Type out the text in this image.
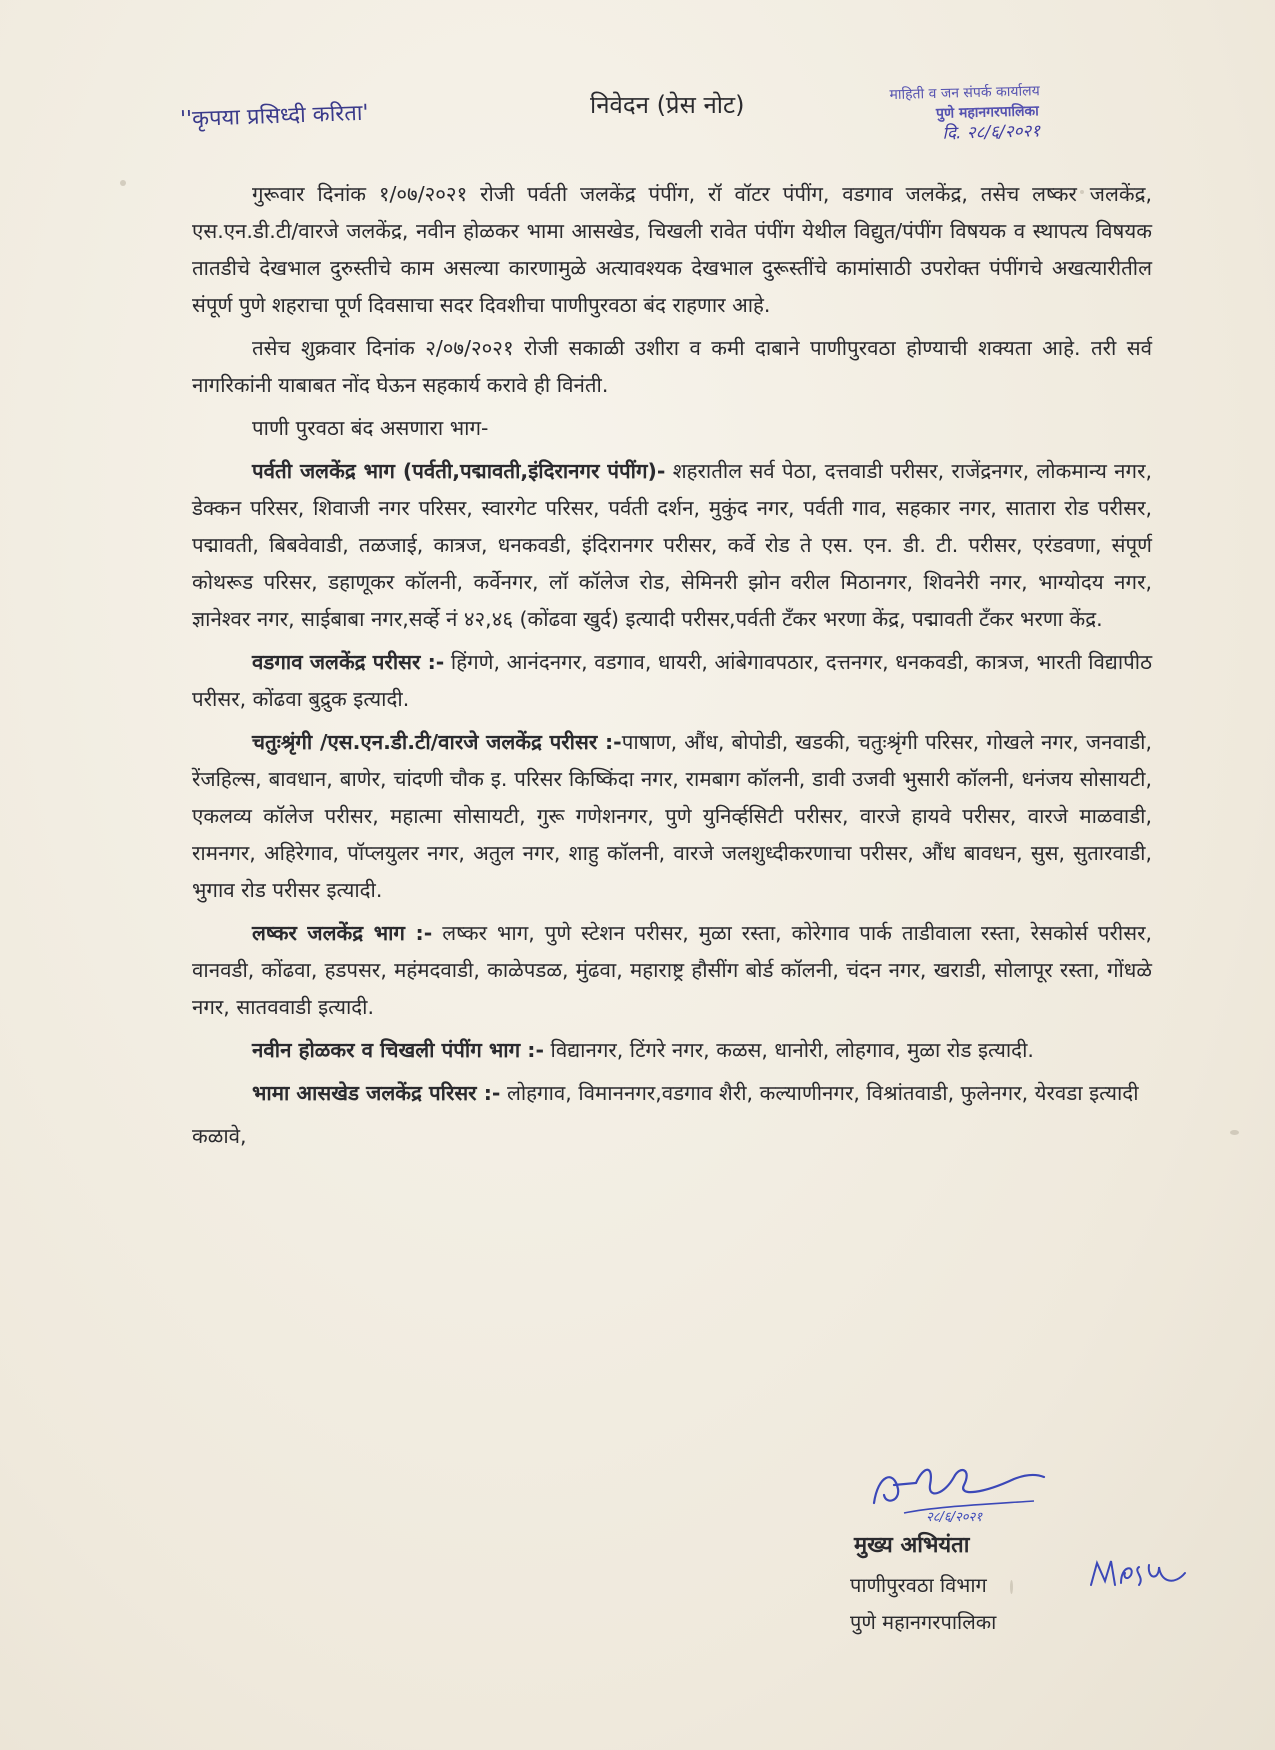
''कृपया प्रसिध्दी करिता'	निवेदन (प्रेस नोट)	माहिती व जन संपर्क कार्यालय
पुणे महानगरपालिका
दि. २८/६/२०२१

गुरूवार दिनांक १/०७/२०२१ रोजी पर्वती जलकेंद्र पंपींग, रॉ वॉटर पंपींग, वडगाव जलकेंद्र, तसेच लष्कर जलकेंद्र, एस.एन.डी.टी/वारजे जलकेंद्र, नवीन होळकर भामा आसखेड, चिखली रावेत पंपींग येथील विद्युत/पंपींग विषयक व स्थापत्य विषयक तातडीचे देखभाल दुरुस्तीचे काम असल्या कारणामुळे अत्यावश्यक देखभाल दुरूस्तींचे कामांसाठी उपरोक्त पंपींगचे अखत्यारीतील संपूर्ण पुणे शहराचा पूर्ण दिवसाचा सदर दिवशीचा पाणीपुरवठा बंद राहणार आहे.

तसेच शुक्रवार दिनांक २/०७/२०२१ रोजी सकाळी उशीरा व कमी दाबाने पाणीपुरवठा होण्याची शक्यता आहे. तरी सर्व नागरिकांनी याबाबत नोंद घेऊन सहकार्य करावे ही विनंती.

पाणी पुरवठा बंद असणारा भाग-

पर्वती जलकेंद्र भाग (पर्वती,पद्मावती,इंदिरानगर पंपींग)- शहरातील सर्व पेठा, दत्तवाडी परीसर, राजेंद्रनगर, लोकमान्य नगर, डेक्कन परिसर, शिवाजी नगर परिसर, स्वारगेट परिसर, पर्वती दर्शन, मुकुंद नगर, पर्वती गाव, सहकार नगर, सातारा रोड परीसर, पद्मावती, बिबवेवाडी, तळजाई, कात्रज, धनकवडी, इंदिरानगर परीसर, कर्वे रोड ते एस. एन. डी. टी. परीसर, एरंडवणा, संपूर्ण कोथरूड परिसर, डहाणूकर कॉलनी, कर्वेनगर, लॉ कॉलेज रोड, सेमिनरी झोन वरील मिठानगर, शिवनेरी नगर, भाग्योदय नगर, ज्ञानेश्वर नगर, साईबाबा नगर,सर्व्हे नं ४२,४६ (कोंढवा खुर्द) इत्यादी परीसर,पर्वती टँकर भरणा केंद्र, पद्मावती टँकर भरणा केंद्र.

वडगाव जलकेंद्र परीसर :- हिंगणे, आनंदनगर, वडगाव, धायरी, आंबेगावपठार, दत्तनगर, धनकवडी, कात्रज, भारती विद्यापीठ परीसर, कोंढवा बुद्रुक इत्यादी.

चतुःश्रृंगी /एस.एन.डी.टी/वारजे जलकेंद्र परीसर :-पाषाण, औंध, बोपोडी, खडकी, चतुःश्रृंगी परिसर, गोखले नगर, जनवाडी, रेंजहिल्स, बावधान, बाणेर, चांदणी चौक इ. परिसर किष्किंदा नगर, रामबाग कॉलनी, डावी उजवी भुसारी कॉलनी, धनंजय सोसायटी, एकलव्य कॉलेज परीसर, महात्मा सोसायटी, गुरू गणेशनगर, पुणे युनिर्व्हसिटी परीसर, वारजे हायवे परीसर, वारजे माळवाडी, रामनगर, अहिरेगाव, पॉप्लयुलर नगर, अतुल नगर, शाहु कॉलनी, वारजे जलशुध्दीकरणाचा परीसर, औंध बावधन, सुस, सुतारवाडी, भुगाव रोड परीसर इत्यादी.

लष्कर जलकेंद्र भाग :- लष्कर भाग, पुणे स्टेशन परीसर, मुळा रस्ता, कोरेगाव पार्क ताडीवाला रस्ता, रेसकोर्स परीसर, वानवडी, कोंढवा, हडपसर, महंमदवाडी, काळेपडळ, मुंढवा, महाराष्ट्र हौसींग बोर्ड कॉलनी, चंदन नगर, खराडी, सोलापूर रस्ता, गोंधळे नगर, सातववाडी इत्यादी.

नवीन होळकर व चिखली पंपींग भाग :- विद्यानगर, टिंगरे नगर, कळस, धानोरी, लोहगाव, मुळा रोड इत्यादी.

भामा आसखेड जलकेंद्र परिसर :- लोहगाव, विमाननगर,वडगाव शैरी, कल्याणीनगर, विश्रांतवाडी, फुलेनगर, येरवडा इत्यादी

कळावे,

२८/६/२०२१
मुख्य अभियंता
पाणीपुरवठा विभाग
पुणे महानगरपालिका
MPSP
